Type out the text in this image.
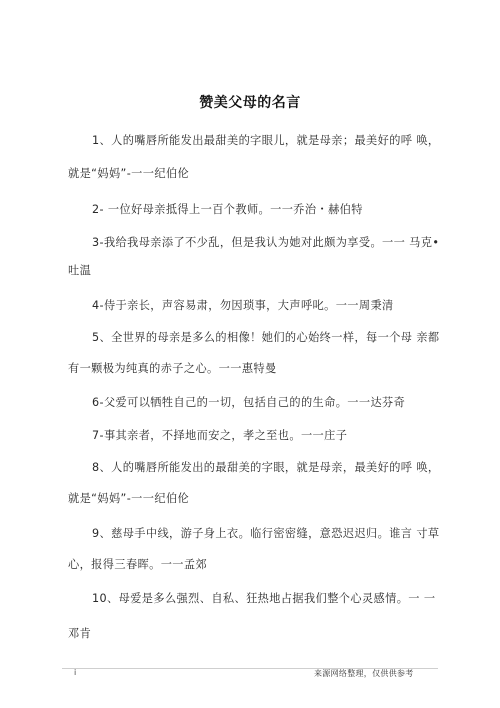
赞美父母的名言
1、人的嘴唇所能发出最甜美的字眼儿，就是母亲；最美好的呼 唤，
就是“妈妈”-一一纪伯伦
2- 一位好母亲抵得上一百个教师。一一乔治・赫伯特
3-我给我母亲添了不少乱，但是我认为她对此颇为享受。一一 马克•
吐温
4-侍于亲长，声容易肃，勿因琐事，大声呼叱。一一周秉清
5、全世界的母亲是多么的相像！她们的心始终一样，每一个母 亲都
有一颗极为纯真的赤子之心。一一惠特曼
6-父爱可以牺牲自己的一切，包括自己的的生命。一一达芬奇
7-事其亲者，不择地而安之，孝之至也。一一庄子
8、人的嘴唇所能发出的最甜美的字眼，就是母亲，最美好的呼 唤，
就是“妈妈”-一一纪伯伦
9、慈母手中线，游子身上衣。临行密密缝，意恐迟迟归。谁言 寸草
心，报得三春晖。一一孟郊
10、母爱是多么强烈、自私、狂热地占据我们整个心灵感情。一 一
邓肯
i	来源网络整理，仅供供参考
